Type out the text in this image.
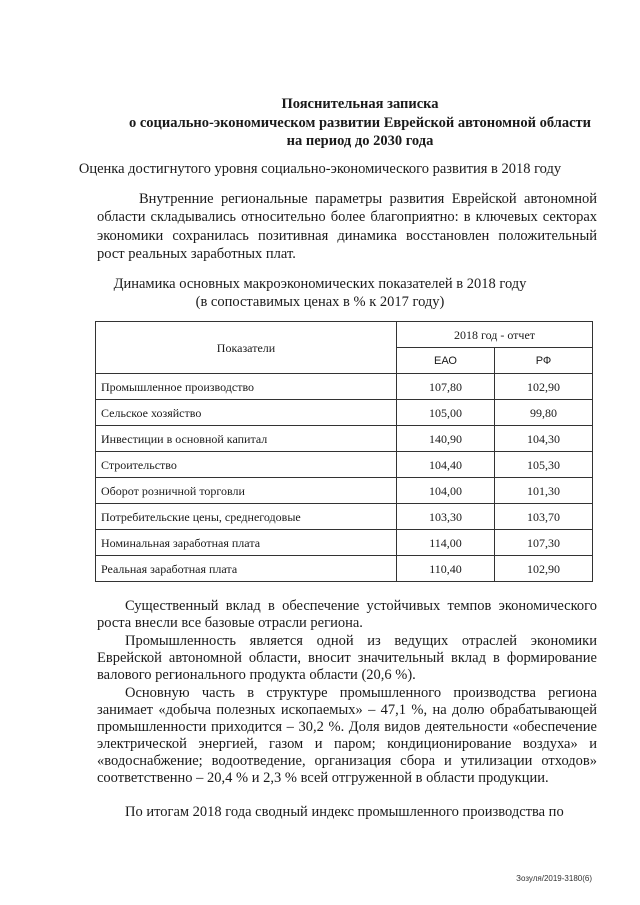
Пояснительная записка
о социально-экономическом развитии Еврейской автономной области
на период до 2030 года
Оценка достигнутого уровня социально-экономического развития в 2018 году

Внутренние региональные параметры развития Еврейской автономной области складывались относительно более благоприятно: в ключевых секторах экономики сохранилась позитивная динамика восстановлен положительный рост реальных заработных плат.

Динамика основных макроэкономических показателей в 2018 году
(в сопоставимых ценах в % к 2017 году)
Показатели	2018 год - отчет	
	ЕАО	РФ
Промышленное производство	107,80	102,90
Сельское хозяйство	105,00	99,80
Инвестиции в основной капитал	140,90	104,30
Строительство	104,40	105,30
Оборот розничной торговли	104,00	101,30
Потребительские цены, среднегодовые	103,30	103,70
Номинальная заработная плата	114,00	107,30
Реальная заработная плата	110,40	102,90

Существенный вклад в обеспечение устойчивых темпов экономического роста внесли все базовые отрасли региона.

Промышленность является одной из ведущих отраслей экономики Еврейской автономной области, вносит значительный вклад в формирование валового регионального продукта области (20,6 %).

Основную часть в структуре промышленного производства региона занимает «добыча полезных ископаемых» – 47,1 %, на долю обрабатывающей промышленности приходится – 30,2 %. Доля видов деятельности «обеспечение электрической энергией, газом и паром; кондиционирование воздуха» и «водоснабжение; водоотведение, организация сбора и утилизации отходов» соответственно – 20,4 % и 2,3 % всей отгруженной в области продукции.

По итогам 2018 года сводный индекс промышленного производства по

Зозуля/2019-3180(6)
